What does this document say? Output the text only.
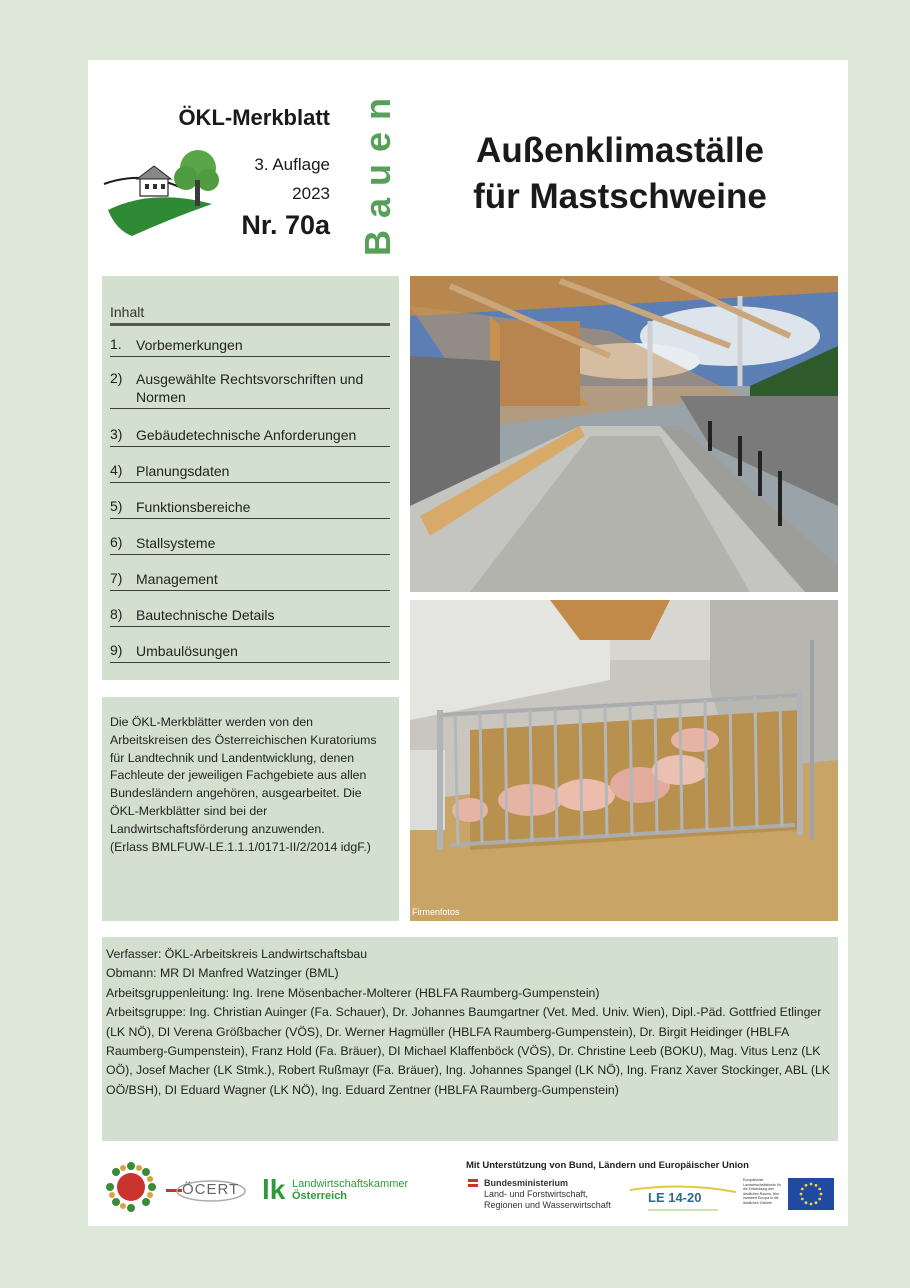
ÖKL-Merkblatt
3. Auflage
2023
Nr. 70a Bauen	Außenklimaställe
für Mastschweine
Inhalt
1.	Vorbemerkungen
2) Ausgewählte Rechtsvorschriften und Normen
3) Gebäudetechnische Anforderungen
4) Planungsdaten
5) Funktionsbereiche
6) Stallsysteme
7) Management
8) Bautechnische Details
9) Umbaulösungen

Die ÖKL-Merkblätter werden von den Arbeitskreisen des Österreichischen Kuratoriums für Landtechnik und Landentwicklung, denen Fachleute der jeweiligen Fachgebiete aus allen Bundesländern angehören, ausgearbeitet. Die ÖKL-Merkblätter sind bei der Landwirtschaftsförderung anzuwenden.
(Erlass BMLFUW-LE.1.1.1/0171-II/2/2014 idgF.)

Firmenfotos
Verfasser: ÖKL-Arbeitskreis Landwirtschaftsbau
Obmann: MR DI Manfred Watzinger (BML)
Arbeitsgruppenleitung: Ing. Irene Mösenbacher-Molterer (HBLFA Raumberg-Gumpenstein)
Arbeitsgruppe: Ing. Christian Auinger (Fa. Schauer), Dr. Johannes Baumgartner (Vet. Med. Univ. Wien), Dipl.-Päd. Gottfried Etlinger (LK NÖ), DI Verena Größbacher (VÖS), Dr. Werner Hagmüller (HBLFA Raumberg-Gumpenstein), Dr. Birgit Heidinger (HBLFA Raumberg-Gumpenstein), Franz Hold (Fa. Bräuer), DI Michael Klaffenböck (VÖS), Dr. Christine Leeb (BOKU), Mag. Vitus Lenz (LK OÖ), Josef Macher (LK Stmk.), Robert Rußmayr (Fa. Bräuer), Ing. Johannes Spangel (LK NÖ), Ing. Franz Xaver Stockinger, ABL (LK OÖ/BSH), DI Eduard Wagner (LK NÖ), Ing. Eduard Zentner (HBLFA Raumberg-Gumpenstein)
ÖCERT lk Landwirtschaftskammer
Österreich
Mit Unterstützung von Bund, Ländern und Europäischer Union
Bundesministerium
Land- und Forstwirtschaft,
Regionen und Wasserwirtschaft	LE 14-20
Europäischer Landwirtschaftsfonds für die Entwicklung des ländlichen Raums: Hier investiert Europa in die ländlichen Gebiete
